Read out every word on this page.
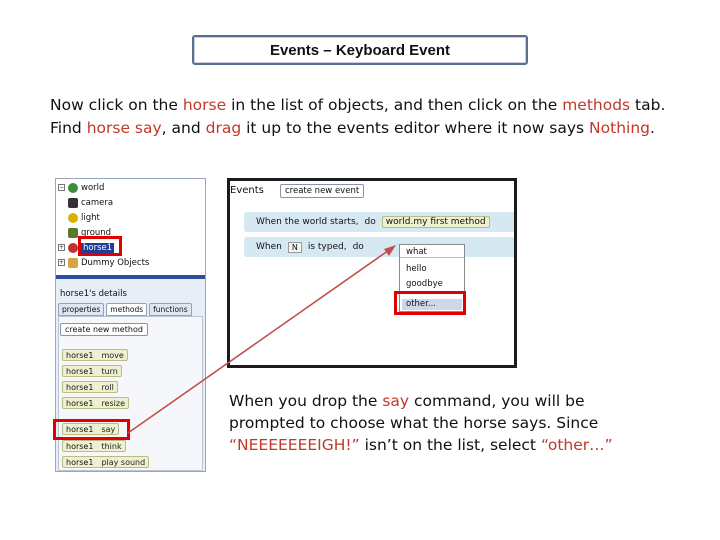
Events – Keyboard Event
Now click on the horse in the list of objects, and then click on the methods tab. Find horse say, and drag it up to the events editor where it now says Nothing.
− world
camera
light
ground
+ horse1
+ Dummy Objects
horse1's details
properties	methods	functions
create new method
horse1 move
horse1 turn
horse1 roll
horse1 resize
horse1 say
horse1 think
horse1 play sound
Events	create new event
When the world starts, do	world.my first method
When	N	is typed, do	what
hello
goodbye
other...
When you drop the say command, you will be prompted to choose what the horse says. Since “NEEEEEEEIGH!” isn’t on the list, select “other…”
